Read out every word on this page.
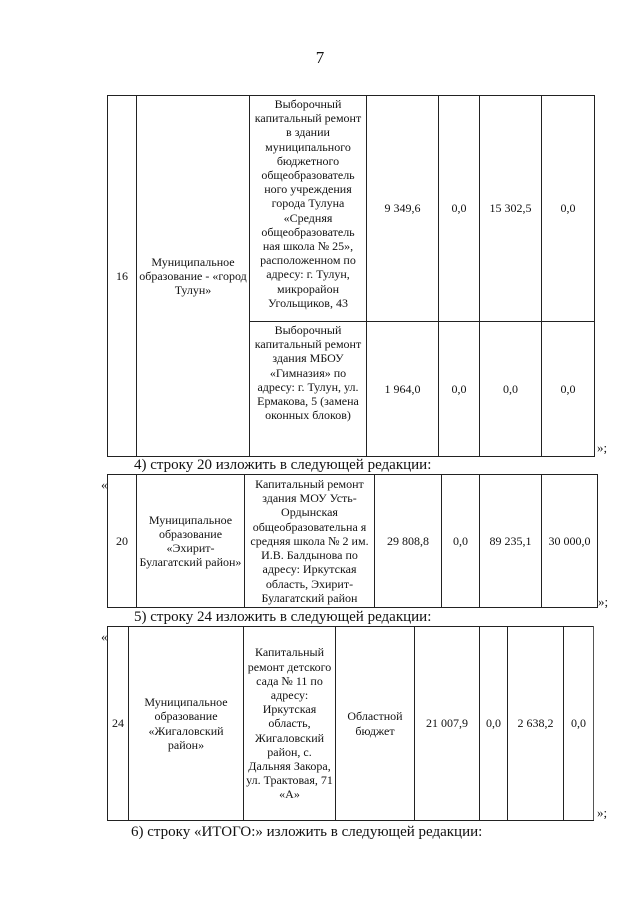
7
16	Муниципальное образование - «город Тулун»	Выборочный капитальный ремонт в здании муниципального бюджетного общеобразователь ного учреждения города Тулуна «Средняя общеобразователь ная школа № 25», расположенном по адресу: г. Тулун, микрорайон Угольщиков, 43	9 349,6	0,0	15 302,5	0,0
		Выборочный капитальный ремонт здания МБОУ «Гимназия» по адресу: г. Тулун, ул. Ермакова, 5 (замена оконных блоков)	1 964,0	0,0	0,0	0,0
»;
4) строку 20 изложить в следующей редакции:
«
20	Муниципальное образование «Эхирит-Булагатский район»	Капитальный ремонт здания МОУ Усть-Ордынская общеобразовательна я средняя школа № 2 им. И.В. Балдынова по адресу: Иркутская область, Эхирит-Булагатский район	29 808,8	0,0	89 235,1	30 000,0
»;
5) строку 24 изложить в следующей редакции:
«
24	Муниципальное образование «Жигаловский район»	Капитальный ремонт детского сада № 11 по адресу: Иркутская область, Жигаловский район, с. Дальняя Закора, ул. Трактовая, 71 «А»	Областной бюджет	21 007,9	0,0	2 638,2	0,0
»;
6) строку «ИТОГО:» изложить в следующей редакции:
